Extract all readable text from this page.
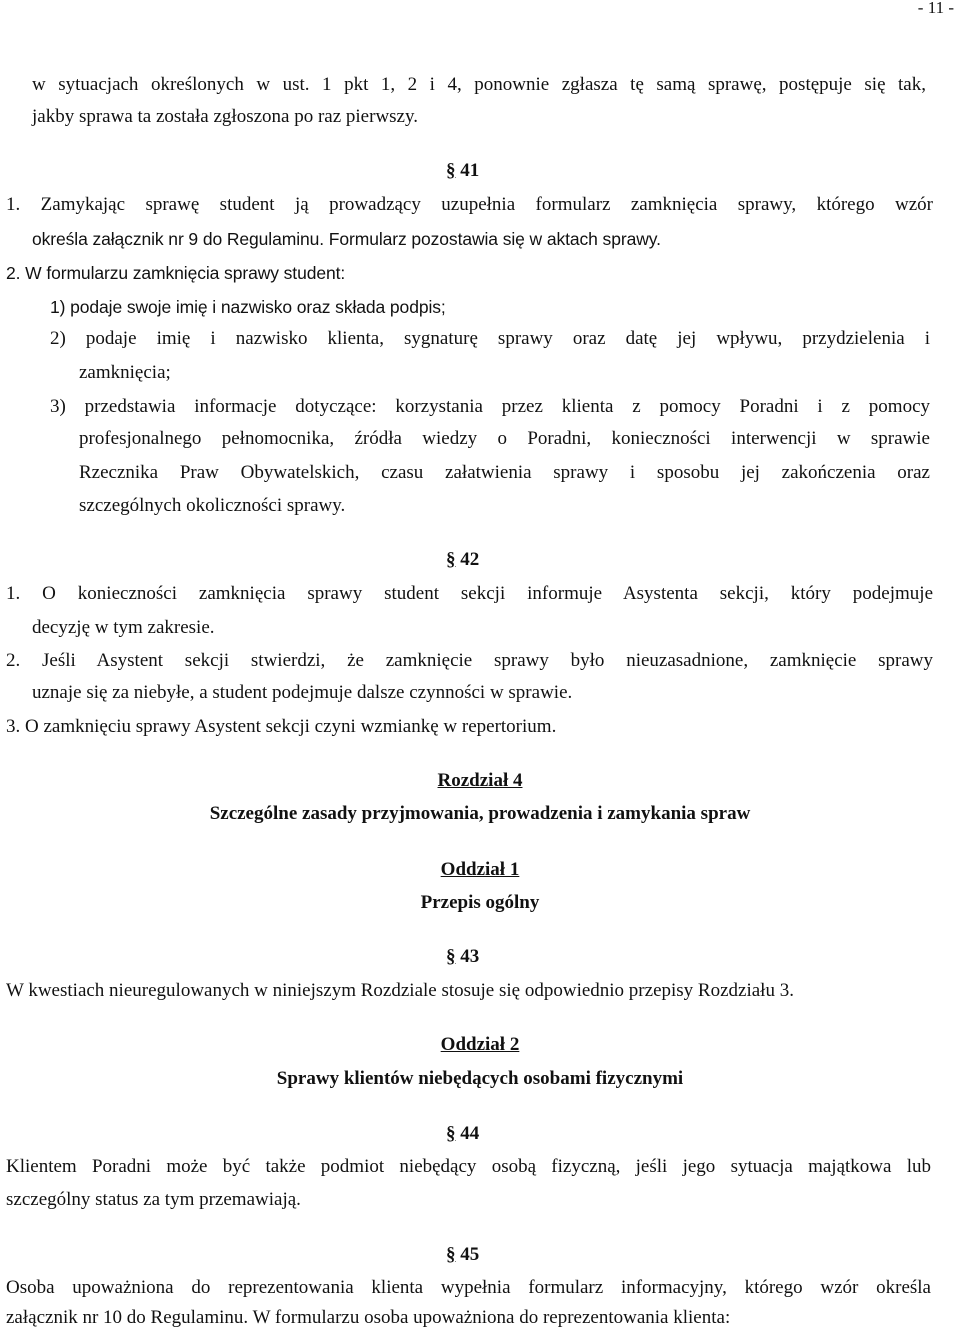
- 11 -
w sytuacjach określonych w ust. 1 pkt 1, 2 i 4, ponownie zgłasza tę samą sprawę, postępuje się tak,
jakby sprawa ta została zgłoszona po raz pierwszy.
§ 41
1. Zamykając sprawę student ją prowadzący uzupełnia formularz zamknięcia sprawy, którego wzór
określa załącznik nr 9 do Regulaminu. Formularz pozostawia się w aktach sprawy.
2. W formularzu zamknięcia sprawy student:
1) podaje swoje imię i nazwisko oraz składa podpis;
2) podaje imię i nazwisko klienta, sygnaturę sprawy oraz datę jej wpływu, przydzielenia i
zamknięcia;
3) przedstawia informacje dotyczące: korzystania przez klienta z pomocy Poradni i z pomocy
profesjonalnego pełnomocnika, źródła wiedzy o Poradni, konieczności interwencji w sprawie
Rzecznika Praw Obywatelskich, czasu załatwienia sprawy i sposobu jej zakończenia oraz
szczególnych okoliczności sprawy.
§ 42
1. O konieczności zamknięcia sprawy student sekcji informuje Asystenta sekcji, który podejmuje
decyzję w tym zakresie.
2. Jeśli Asystent sekcji stwierdzi, że zamknięcie sprawy było nieuzasadnione, zamknięcie sprawy
uznaje się za niebyłe, a student podejmuje dalsze czynności w sprawie.
3. O zamknięciu sprawy Asystent sekcji czyni wzmiankę w repertorium.
Rozdział 4
Szczególne zasady przyjmowania, prowadzenia i zamykania spraw
Oddział 1
Przepis ogólny
§ 43
W kwestiach nieuregulowanych w niniejszym Rozdziale stosuje się odpowiednio przepisy Rozdziału 3.
Oddział 2
Sprawy klientów niebędących osobami fizycznymi
§ 44
Klientem Poradni może być także podmiot niebędący osobą fizyczną, jeśli jego sytuacja majątkowa lub
szczególny status za tym przemawiają.
§ 45
Osoba upoważniona do reprezentowania klienta wypełnia formularz informacyjny, którego wzór określa
załącznik nr 10 do Regulaminu. W formularzu osoba upoważniona do reprezentowania klienta:
